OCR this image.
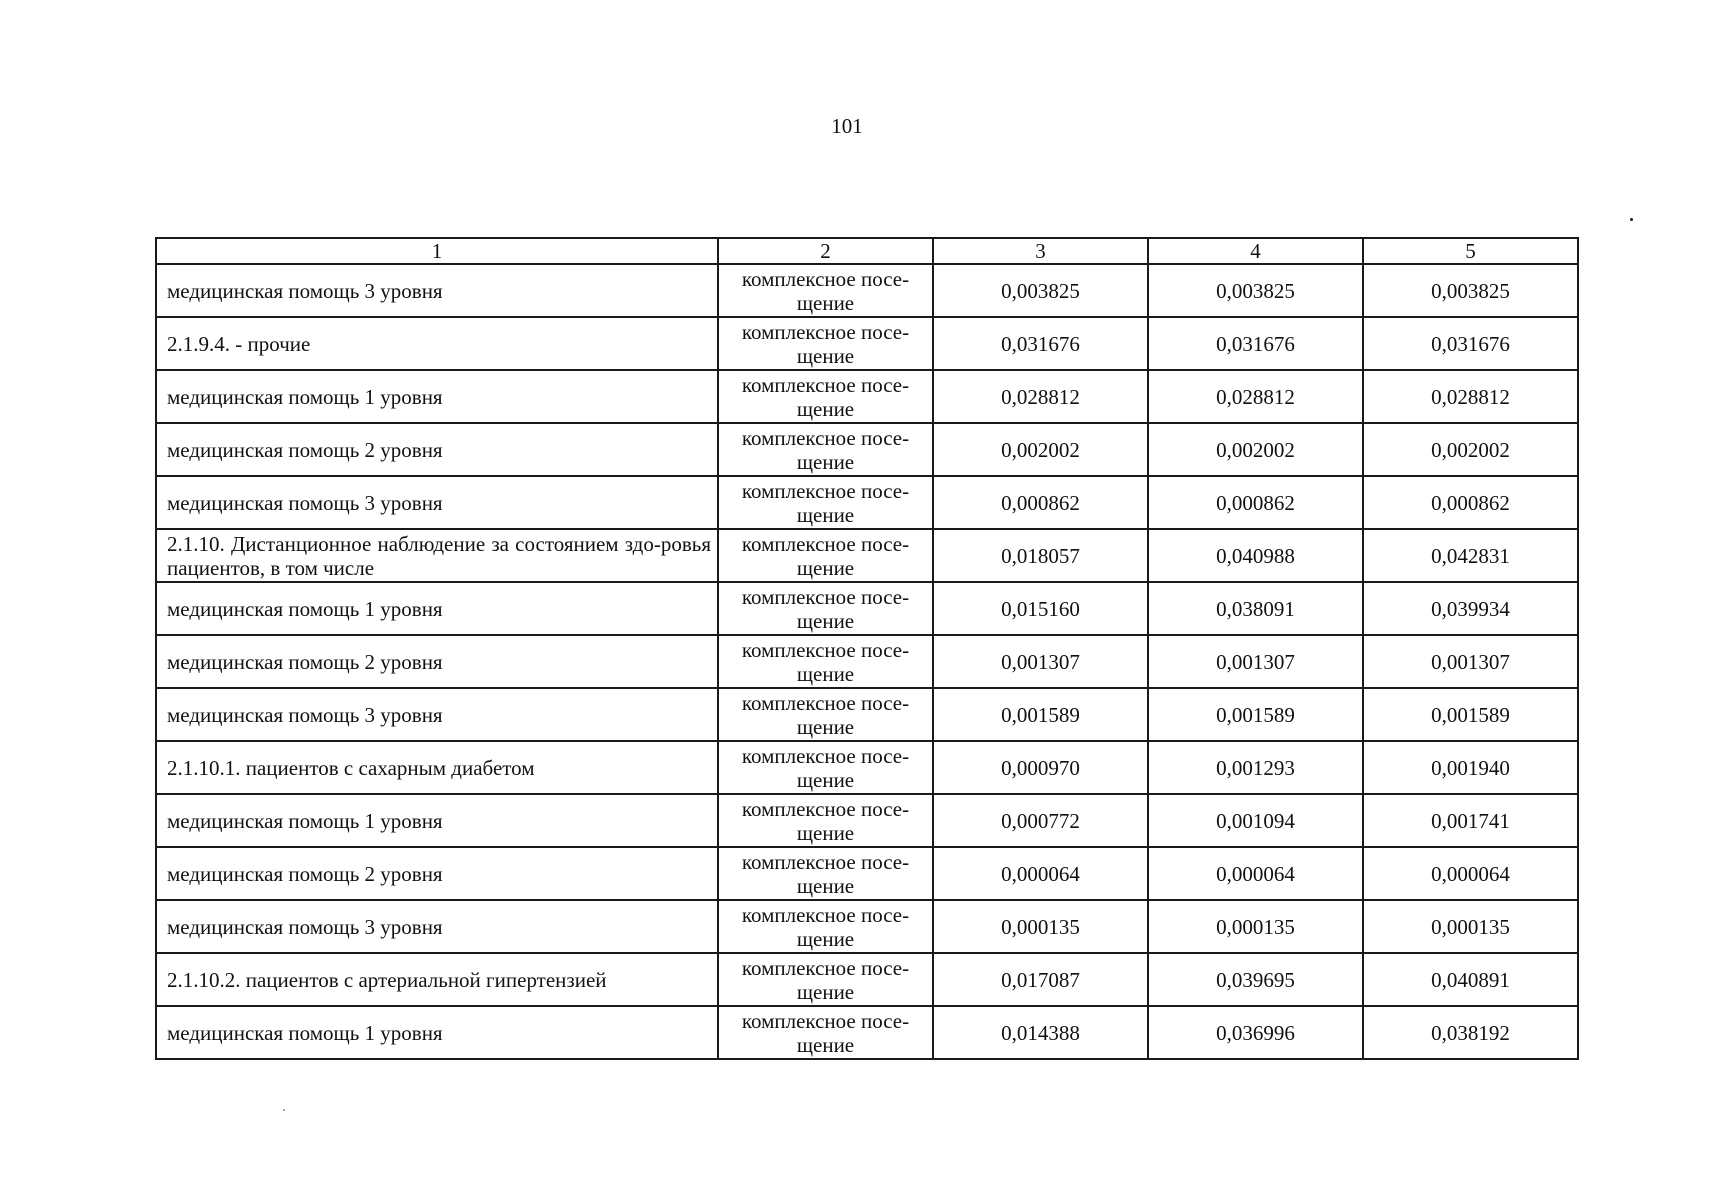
101
1	2	3	4	5
медицинская помощь 3 уровня	комплексное посе-
щение	0,003825	0,003825	0,003825
2.1.9.4. - прочие	комплексное посе-
щение	0,031676	0,031676	0,031676
медицинская помощь 1 уровня	комплексное посе-
щение	0,028812	0,028812	0,028812
медицинская помощь 2 уровня	комплексное посе-
щение	0,002002	0,002002	0,002002
медицинская помощь 3 уровня	комплексное посе-
щение	0,000862	0,000862	0,000862
2.1.10. Дистанционное наблюдение за состоянием здо-ровья пациентов, в том числе	комплексное посе-
щение	0,018057	0,040988	0,042831
медицинская помощь 1 уровня	комплексное посе-
щение	0,015160	0,038091	0,039934
медицинская помощь 2 уровня	комплексное посе-
щение	0,001307	0,001307	0,001307
медицинская помощь 3 уровня	комплексное посе-
щение	0,001589	0,001589	0,001589
2.1.10.1. пациентов с сахарным диабетом	комплексное посе-
щение	0,000970	0,001293	0,001940
медицинская помощь 1 уровня	комплексное посе-
щение	0,000772	0,001094	0,001741
медицинская помощь 2 уровня	комплексное посе-
щение	0,000064	0,000064	0,000064
медицинская помощь 3 уровня	комплексное посе-
щение	0,000135	0,000135	0,000135
2.1.10.2. пациентов с артериальной гипертензией	комплексное посе-
щение	0,017087	0,039695	0,040891
медицинская помощь 1 уровня	комплексное посе-
щение	0,014388	0,036996	0,038192
